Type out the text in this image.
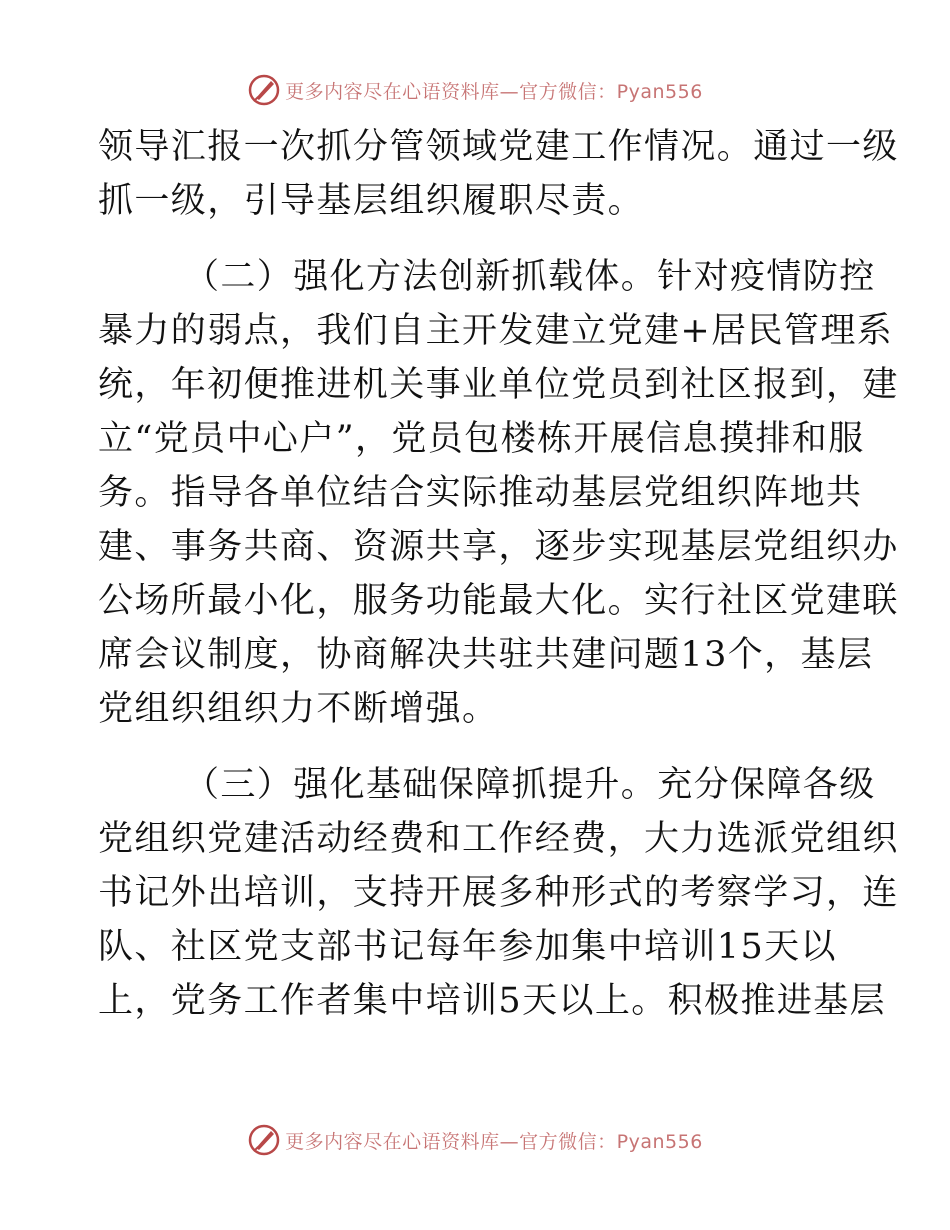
更多内容尽在心语资料库—官方微信：Pyan556
领导汇报一次抓分管领域党建工作情况。通过一级
抓一级，引导基层组织履职尽责。
（二）强化方法创新抓载体。针对疫情防控
暴力的弱点，我们自主开发建立党建+居民管理系
统，年初便推进机关事业单位党员到社区报到，建
立“党员中心户”，党员包楼栋开展信息摸排和服
务。指导各单位结合实际推动基层党组织阵地共
建、事务共商、资源共享，逐步实现基层党组织办
公场所最小化，服务功能最大化。实行社区党建联
席会议制度，协商解决共驻共建问题13个，基层
党组织组织力不断增强。
（三）强化基础保障抓提升。充分保障各级
党组织党建活动经费和工作经费，大力选派党组织
书记外出培训，支持开展多种形式的考察学习，连
队、社区党支部书记每年参加集中培训15天以
上，党务工作者集中培训5天以上。积极推进基层
更多内容尽在心语资料库—官方微信：Pyan556
